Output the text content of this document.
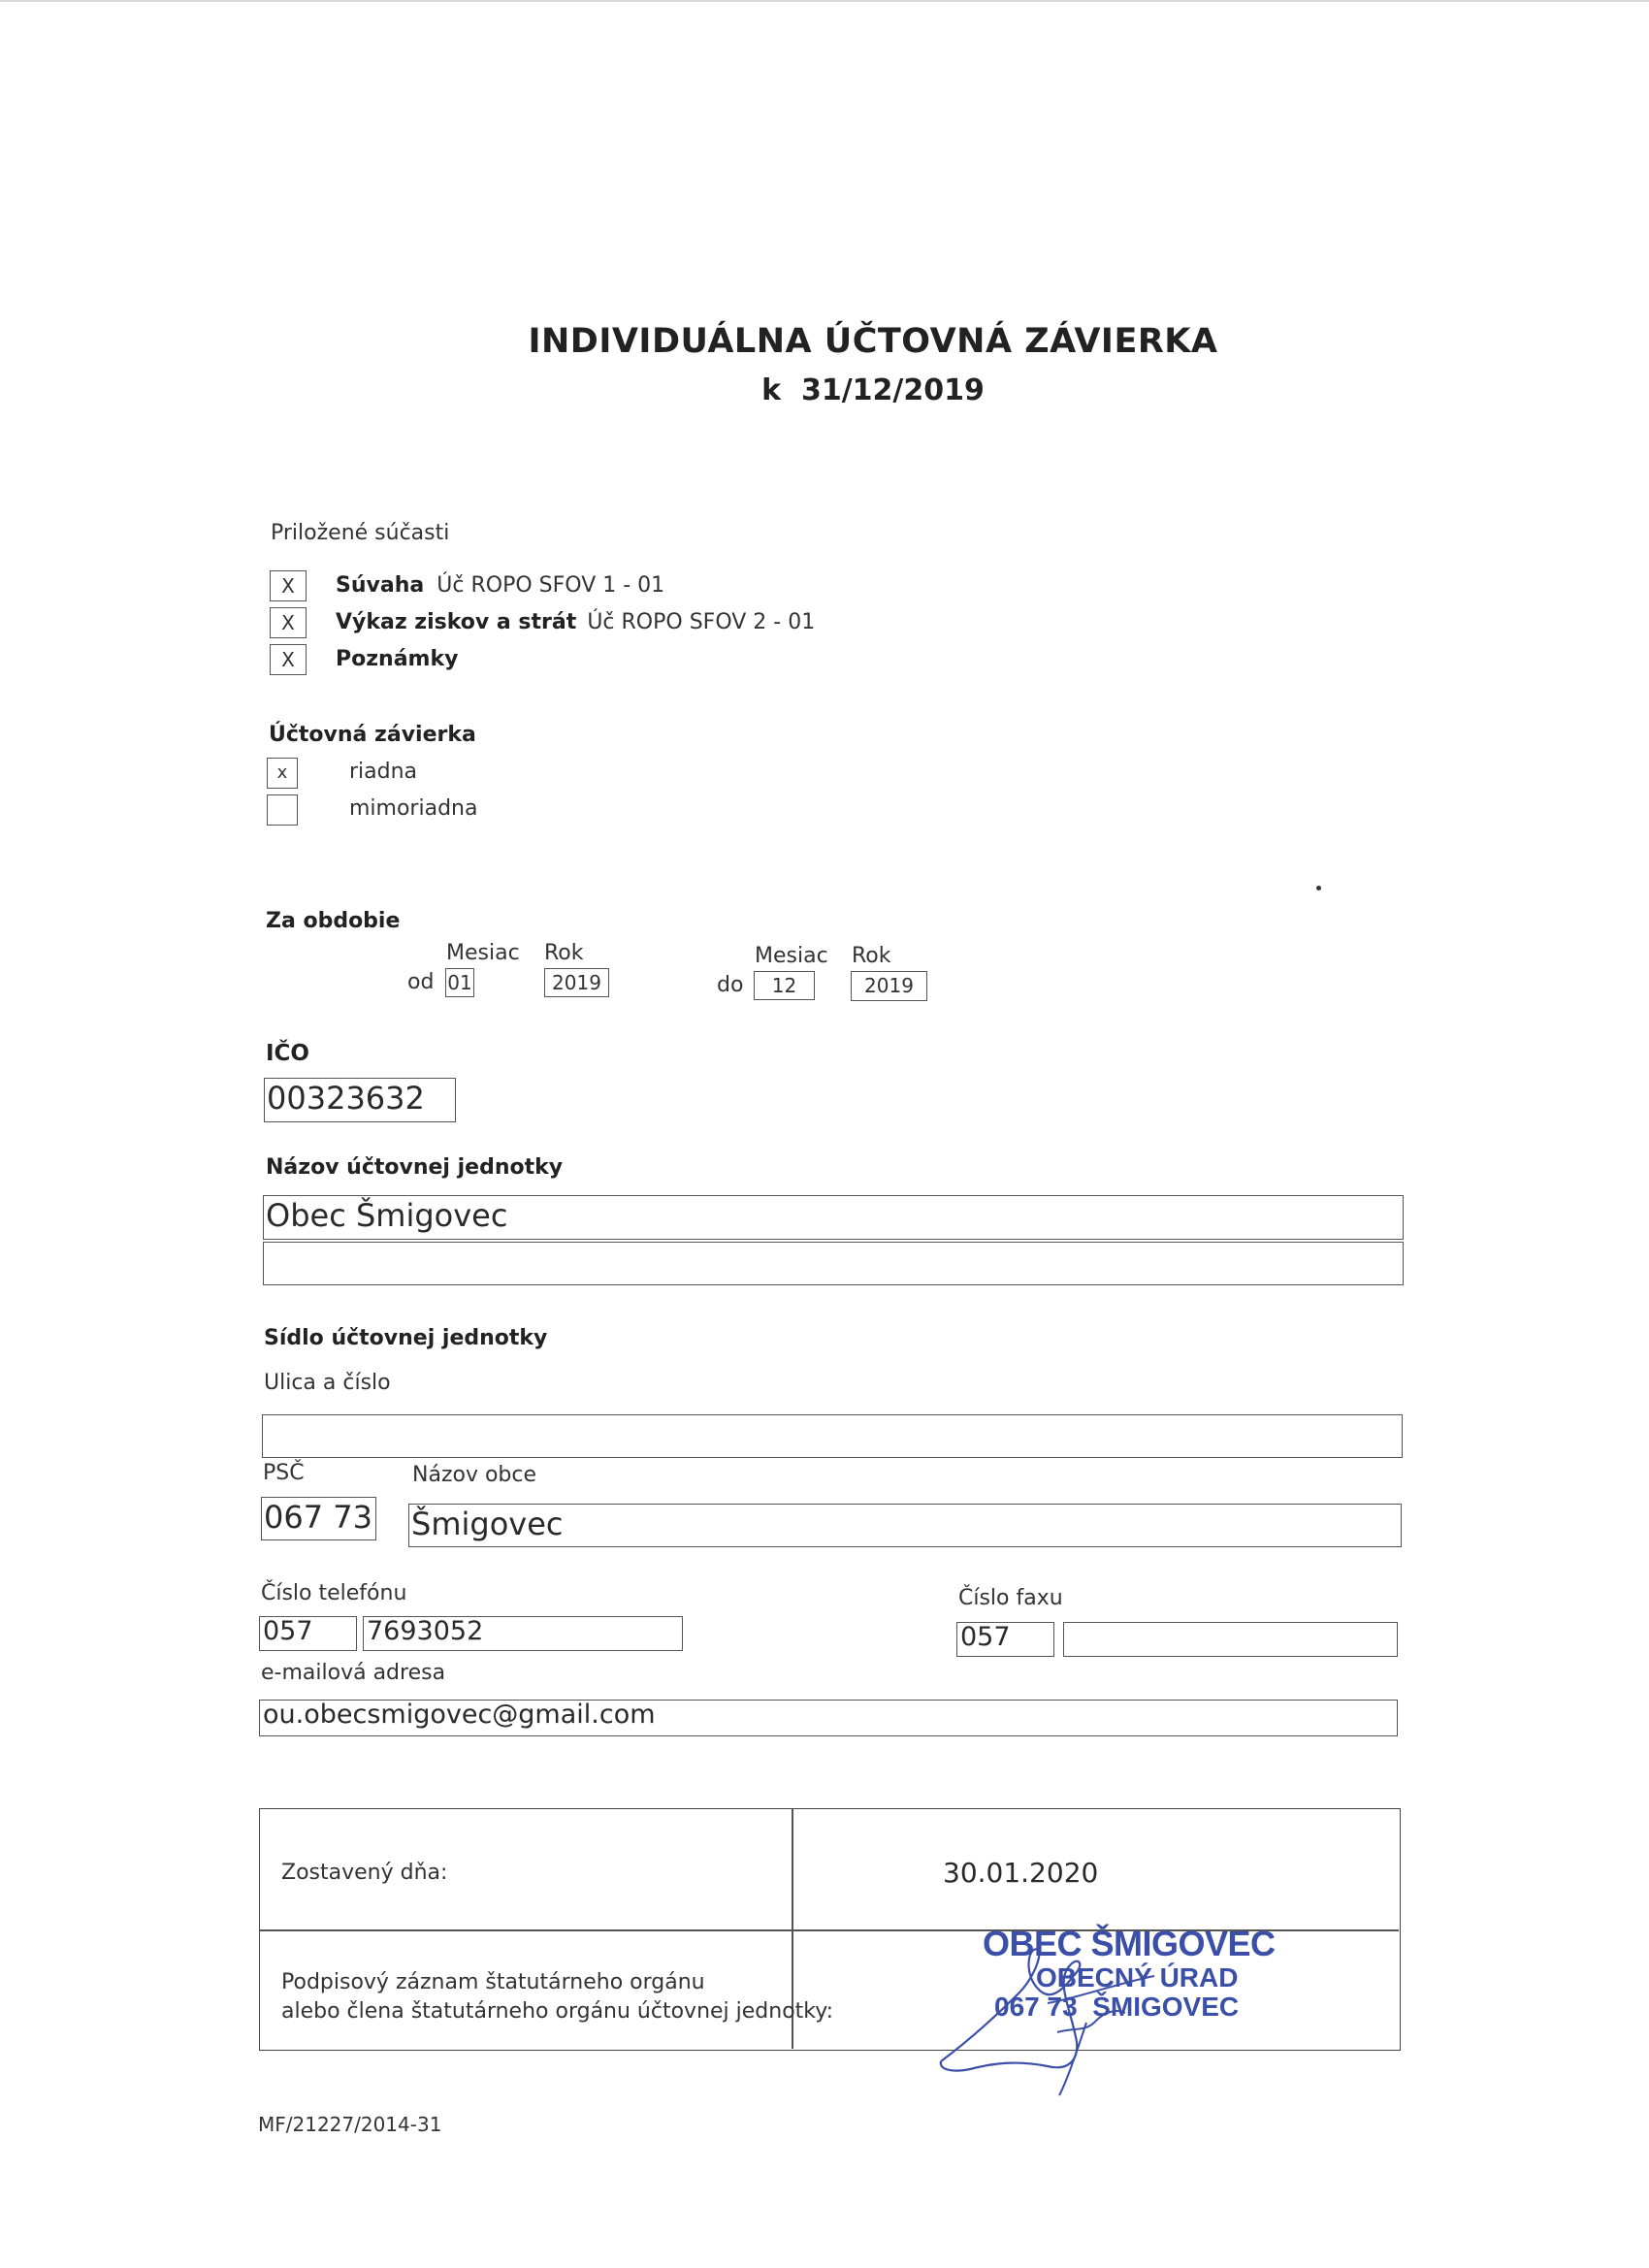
INDIVIDUÁLNA ÚČTOVNÁ ZÁVIERKA
k  31/12/2019
Priložené súčasti
X	Súvaha Úč ROPO SFOV 1 - 01
X	Výkaz ziskov a strát Úč ROPO SFOV 2 - 01
X	Poznámky
Účtovná závierka
x	riadna
mimoriadna
Za obdobie
Mesiac Rok
od 01	2019
Mesiac Rok
do	12	2019
IČO
00323632
Názov účtovnej jednotky
Obec Šmigovec
Sídlo účtovnej jednotky
Ulica a číslo
PSČ	Názov obce
067 73 Šmigovec
Číslo telefónu
057	7693052
Číslo faxu
057
e-mailová adresa
ou.obecsmigovec@gmail.com
Zostavený dňa:	30.01.2020
Podpisový záznam štatutárneho orgánu
alebo člena štatutárneho orgánu účtovnej jednotky:
OBEC ŠMIGOVEC
OBECNÝ ÚRAD
067 73  ŠMIGOVEC
MF/21227/2014-31
